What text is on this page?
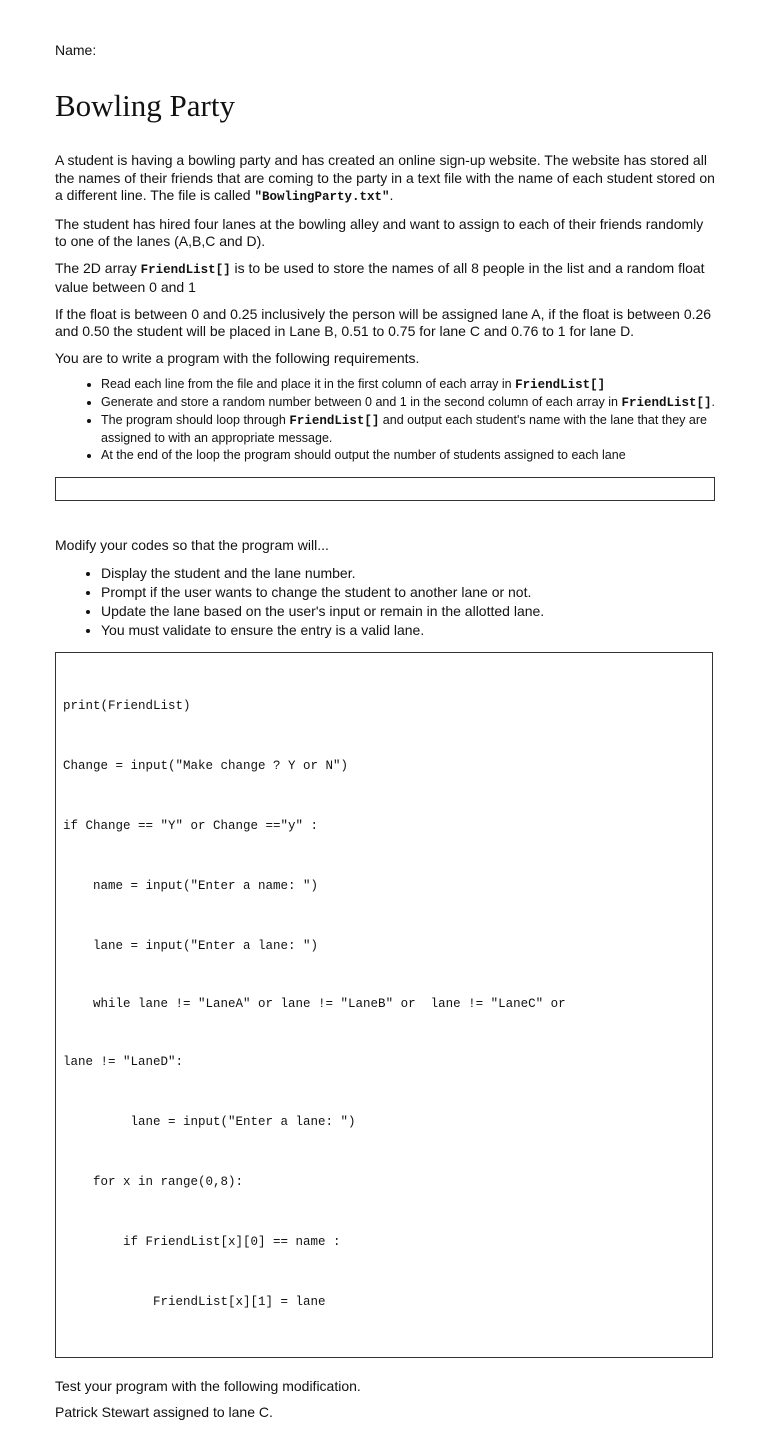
Name:
Bowling Party

A student is having a bowling party and has created an online sign-up website. The website has stored all the names of their friends that are coming to the party in a text file with the name of each student stored on a different line. The file is called "BowlingParty.txt".

The student has hired four lanes at the bowling alley and want to assign to each of their friends randomly to one of the lanes (A,B,C and D).

The 2D array FriendList[] is to be used to store the names of all 8 people in the list and a random float value between 0 and 1

If the float is between 0 and 0.25 inclusively the person will be assigned lane A, if the float is between 0.26 and 0.50 the student will be placed in Lane B, 0.51 to 0.75 for lane C and 0.76 to 1 for lane D.

You are to write a program with the following requirements.

• Read each line from the file and place it in the first column of each array in FriendList[]
• Generate and store a random number between 0 and 1 in the second column of each array in FriendList[].
• The program should loop through FriendList[] and output each student's name with the lane that they are assigned to with an appropriate message.
• At the end of the loop the program should output the number of students assigned to each lane

Modify your codes so that the program will...

• Display the student and the lane number.
• Prompt if the user wants to change the student to another lane or not.
• Update the lane based on the user's input or remain in the allotted lane.
• You must validate to ensure the entry is a valid lane.

print(FriendList)

Change = input("Make change ? Y or N")

if Change == "Y" or Change =="y" :

name = input("Enter a name: ")

lane = input("Enter a lane: ")

while lane != "LaneA" or lane != "LaneB" or  lane != "LaneC" or

lane != "LaneD":

lane = input("Enter a lane: ")

for x in range(0,8):

if FriendList[x][0] == name :

FriendList[x][1] = lane

Test your program with the following modification.

Patrick Stewart assigned to lane C.
